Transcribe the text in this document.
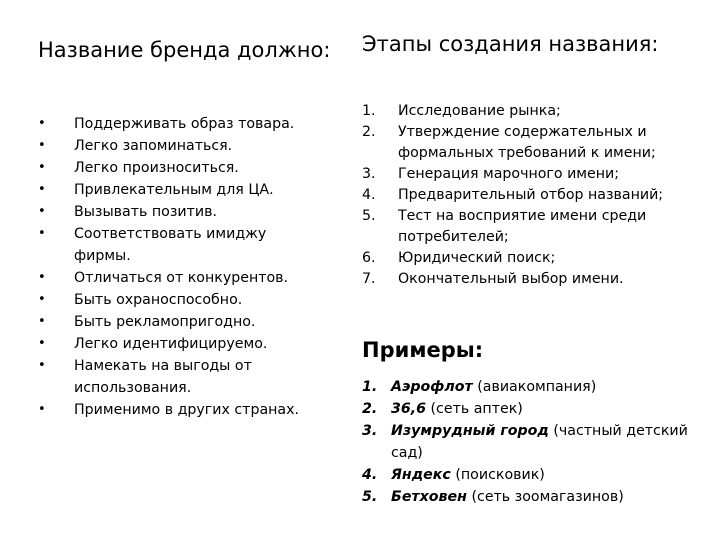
Название бренда должно:
• Поддерживать образ товара.
• Легко запоминаться.
• Легко произноситься.
• Привлекательным для ЦА.
• Вызывать позитив.
• Соответствовать имиджу фирмы.
• Отличаться от конкурентов.
• Быть охраноспособно.
• Быть рекламопригодно.
• Легко идентифицируемо.
• Намекать на выгоды от использования.
• Применимо в других странах.
Этапы создания названия:
1. Исследование рынка;
2. Утверждение содержательных и формальных требований к имени;
3. Генерация марочного имени;
4. Предварительный отбор названий;
5. Тест на восприятие имени среди потребителей;
6. Юридический поиск;
7. Окончательный выбор имени.
Примеры:
1. Аэрофлот (авиакомпания)
2. 36,6 (сеть аптек)
3. Изумрудный город (частный детский сад)
4. Яндекс (поисковик)
5. Бетховен (сеть зоомагазинов)
